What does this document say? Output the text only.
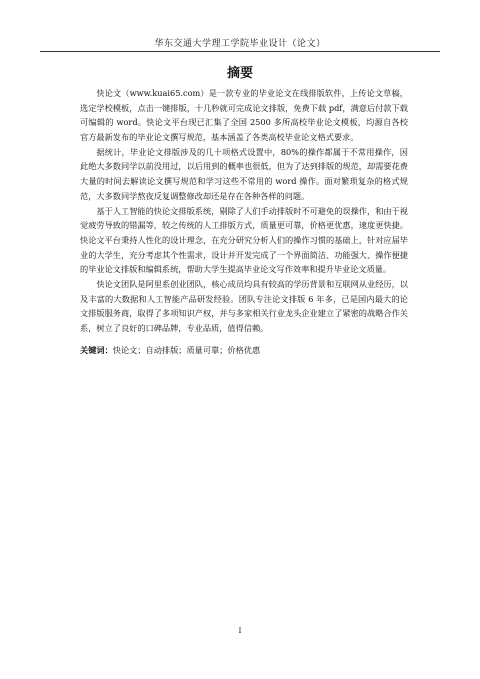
华东交通大学理工学院毕业设计（论文）
摘要

快论文（www.kuai65.com）是一款专业的毕业论文在线排版软件，上传论文草稿，选定学校模板，点击一键排版，十几秒就可完成论文排版，免费下载 pdf，满意后付款下载可编辑的 word。快论文平台现已汇集了全国 2500 多所高校毕业论文模板，均源自各校官方最新发布的毕业论文撰写规范，基本涵盖了各类高校毕业论文格式要求。

据统计，毕业论文排版涉及的几十项格式设置中，80%的操作都属于不常用操作，因此绝大多数同学以前没用过，以后用到的概率也很低，但为了达到排版的规范，却需要花费大量的时间去解读论文撰写规范和学习这些不常用的 word 操作。面对繁琐复杂的格式规范，大多数同学熬夜反复调整修改却还是存在各种各样的问题。

基于人工智能的快论文排版系统，剔除了人们手动排版时不可避免的误操作，和由于视觉疲劳导致的错漏等，较之传统的人工排版方式，质量更可靠，价格更优惠，速度更快捷。快论文平台秉持人性化的设计理念，在充分研究分析人们的操作习惯的基础上，针对应届毕业的大学生，充分考虑其个性需求，设计并开发完成了一个界面简洁、功能强大、操作便捷的毕业论文排版和编辑系统，帮助大学生提高毕业论文写作效率和提升毕业论文质量。

快论文团队是阿里系创业团队，核心成员均具有较高的学历背景和互联网从业经历，以及丰富的大数据和人工智能产品研发经验。团队专注论文排版 6 年多，已是国内最大的论文排版服务商，取得了多项知识产权，并与多家相关行业龙头企业建立了紧密的战略合作关系，树立了良好的口碑品牌，专业品质，值得信赖。

关键词：快论文；自动排版；质量可靠；价格优惠
I
